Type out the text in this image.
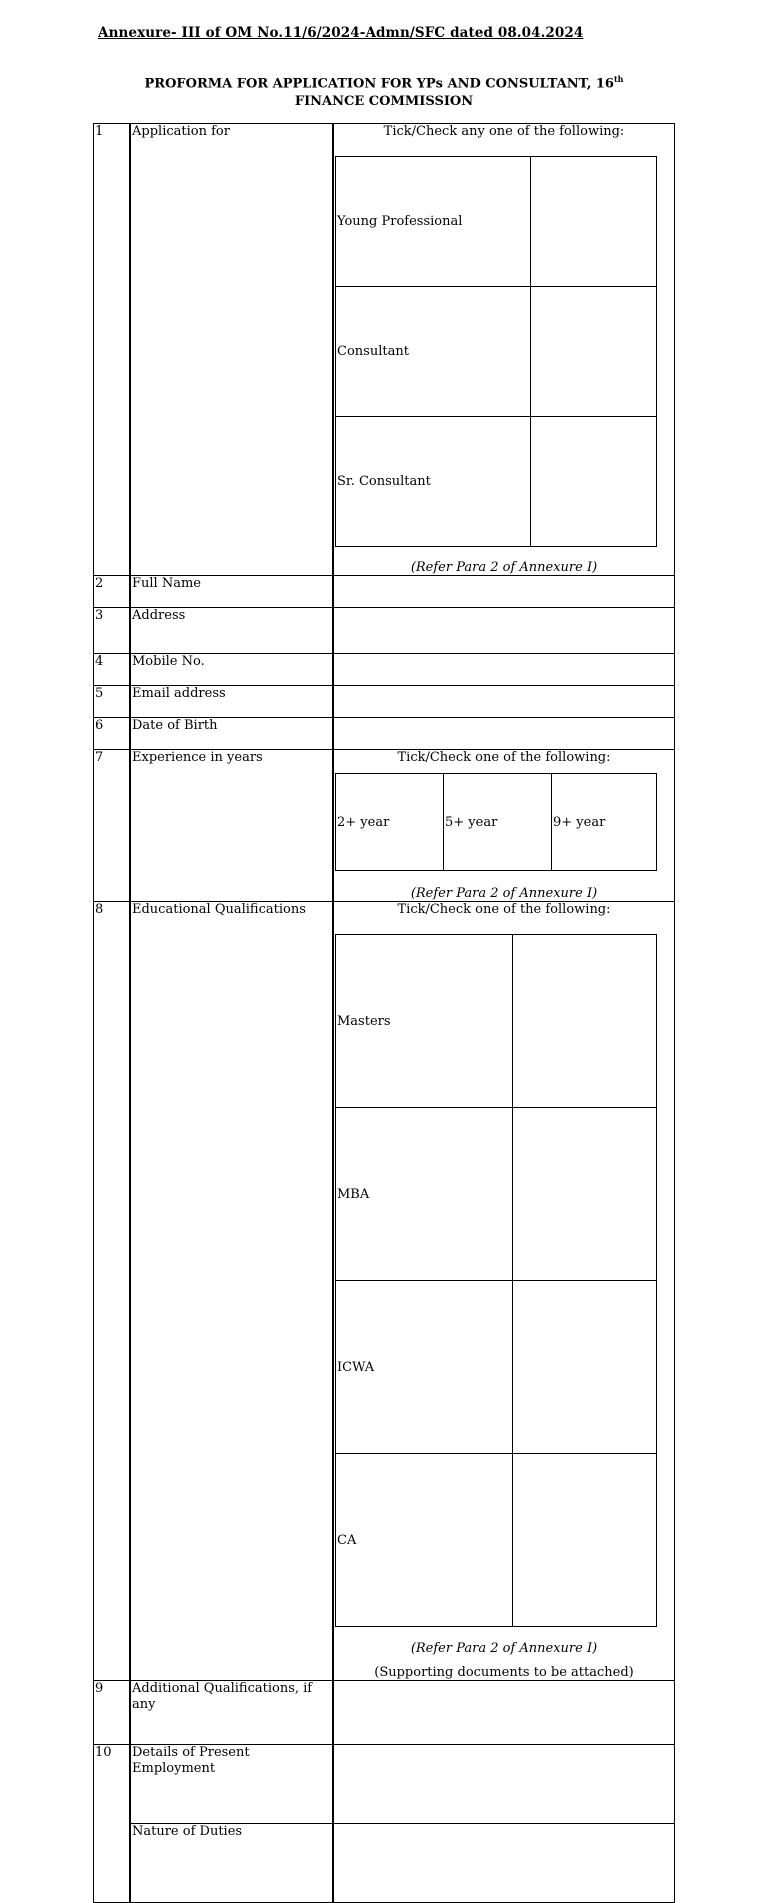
Annexure- III of OM No.11/6/2024-Admn/SFC dated 08.04.2024
PROFORMA FOR APPLICATION FOR YPs AND CONSULTANT, 16th
FINANCE COMMISSION
1	Application for	Tick/Check any one of the following:
Young Professional	
Consultant	
Sr. Consultant	
(Refer Para 2 of Annexure I)

2	Full Name	
3	Address	
4	Mobile No.	
5	Email address	
6	Date of Birth	
7	Experience in years	Tick/Check one of the following:
2+ year	5+ year	9+ year
(Refer Para 2 of Annexure I)

8	Educational Qualifications	Tick/Check one of the following:
Masters	
MBA	
ICWA	
CA	
(Refer Para 2 of Annexure I)
(Supporting documents to be attached)

9	Additional Qualifications, if any	
10	Details of Present Employment	
Nature of Duties	
